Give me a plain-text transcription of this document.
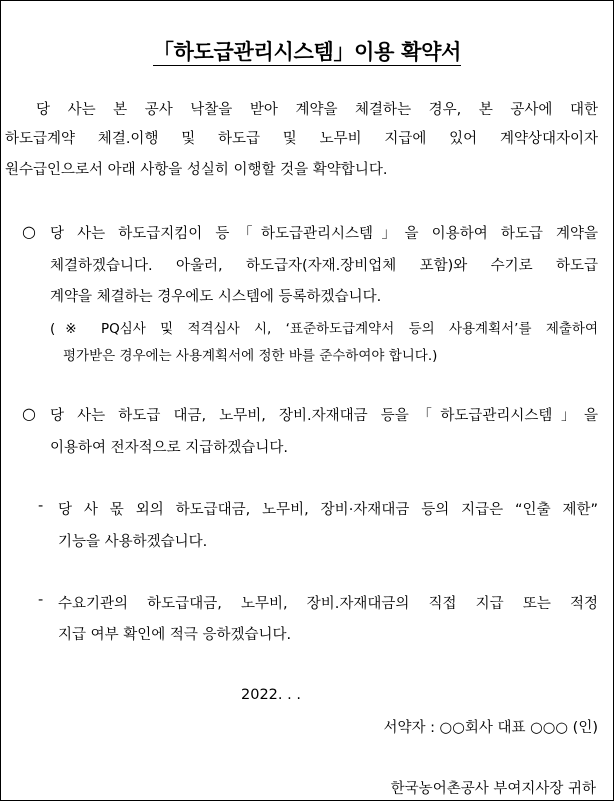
「하도급관리시스템」이용 확약서
당 사는 본 공사 낙찰을 받아 계약을 체결하는 경우, 본 공사에 대한
하도급계약 체결.이행 및 하도급 및 노무비 지급에 있어 계약상대자이자
원수급인으로서 아래 사항을 성실히 이행할 것을 확약합니다.
○ 당 사는 하도급지킴이 등「하도급관리시스템」을 이용하여 하도급 계약을
체결하겠습니다. 아울러, 하도급자(자재.장비업체 포함)와 수기로 하도급
계약을 체결하는 경우에도 시스템에 등록하겠습니다.
(※ PQ심사 및 적격심사 시, ‘표준하도급계약서 등의 사용계획서’를 제출하여
평가받은 경우에는 사용계획서에 정한 바를 준수하여야 합니다.)
○ 당 사는 하도급 대금, 노무비, 장비.자재대금 등을「하도급관리시스템」을
이용하여 전자적으로 지급하겠습니다.
- 당 사 몫 외의 하도급대금, 노무비, 장비·자재대금 등의 지급은 “인출 제한”
기능을 사용하겠습니다.
- 수요기관의 하도급대금, 노무비, 장비.자재대금의 직접 지급 또는 적정
지급 여부 확인에 적극 응하겠습니다.
2022. . .
서약자 : ○○회사 대표 ○○○ (인)
한국농어촌공사 부여지사장 귀하
